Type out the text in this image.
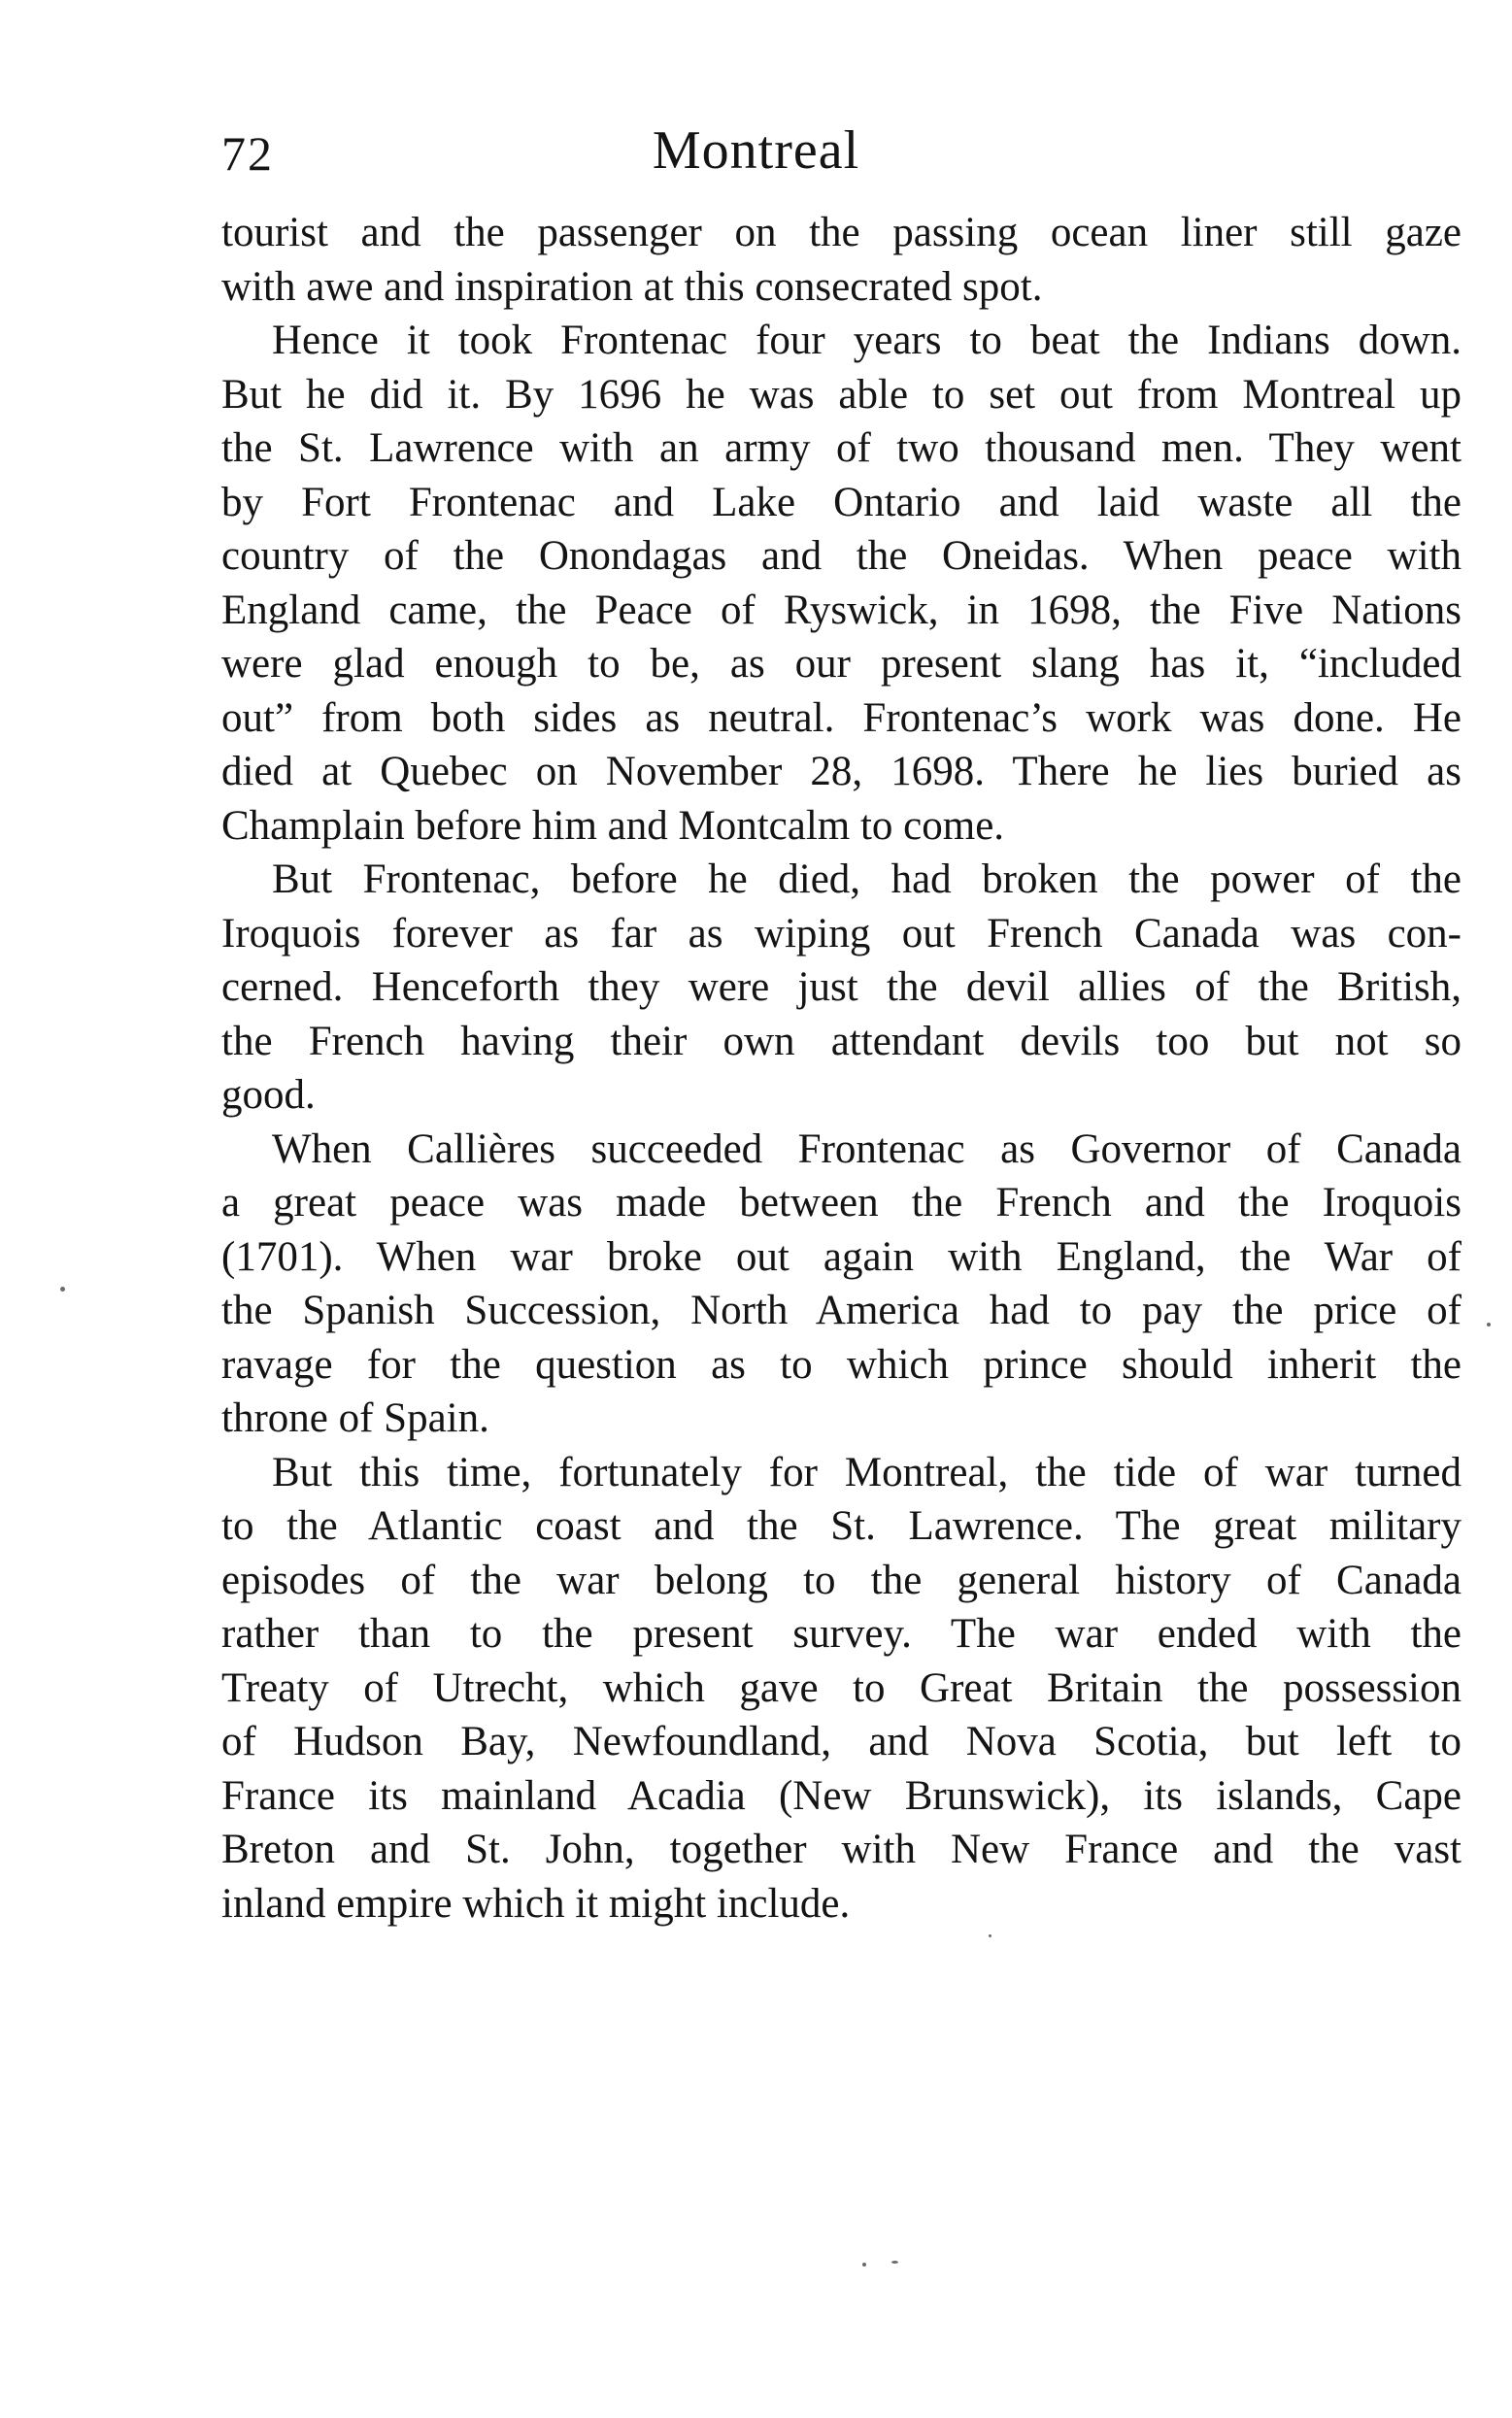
72	Montreal
tourist and the passenger on the passing ocean liner still gaze
with awe and inspiration at this consecrated spot.
Hence it took Frontenac four years to beat the Indians down.
But he did it. By 1696 he was able to set out from Montreal up
the St. Lawrence with an army of two thousand men. They went
by Fort Frontenac and Lake Ontario and laid waste all the
country of the Onondagas and the Oneidas. When peace with
England came, the Peace of Ryswick, in 1698, the Five Nations
were glad enough to be, as our present slang has it, “included
out” from both sides as neutral. Frontenac’s work was done. He
died at Quebec on November 28, 1698. There he lies buried as
Champlain before him and Montcalm to come.
But Frontenac, before he died, had broken the power of the
Iroquois forever as far as wiping out French Canada was con-
cerned. Henceforth they were just the devil allies of the British,
the French having their own attendant devils too but not so
good.
When Callières succeeded Frontenac as Governor of Canada
a great peace was made between the French and the Iroquois
(1701). When war broke out again with England, the War of
the Spanish Succession, North America had to pay the price of
ravage for the question as to which prince should inherit the
throne of Spain.
But this time, fortunately for Montreal, the tide of war turned
to the Atlantic coast and the St. Lawrence. The great military
episodes of the war belong to the general history of Canada
rather than to the present survey. The war ended with the
Treaty of Utrecht, which gave to Great Britain the possession
of Hudson Bay, Newfoundland, and Nova Scotia, but left to
France its mainland Acadia (New Brunswick), its islands, Cape
Breton and St. John, together with New France and the vast
inland empire which it might include.
